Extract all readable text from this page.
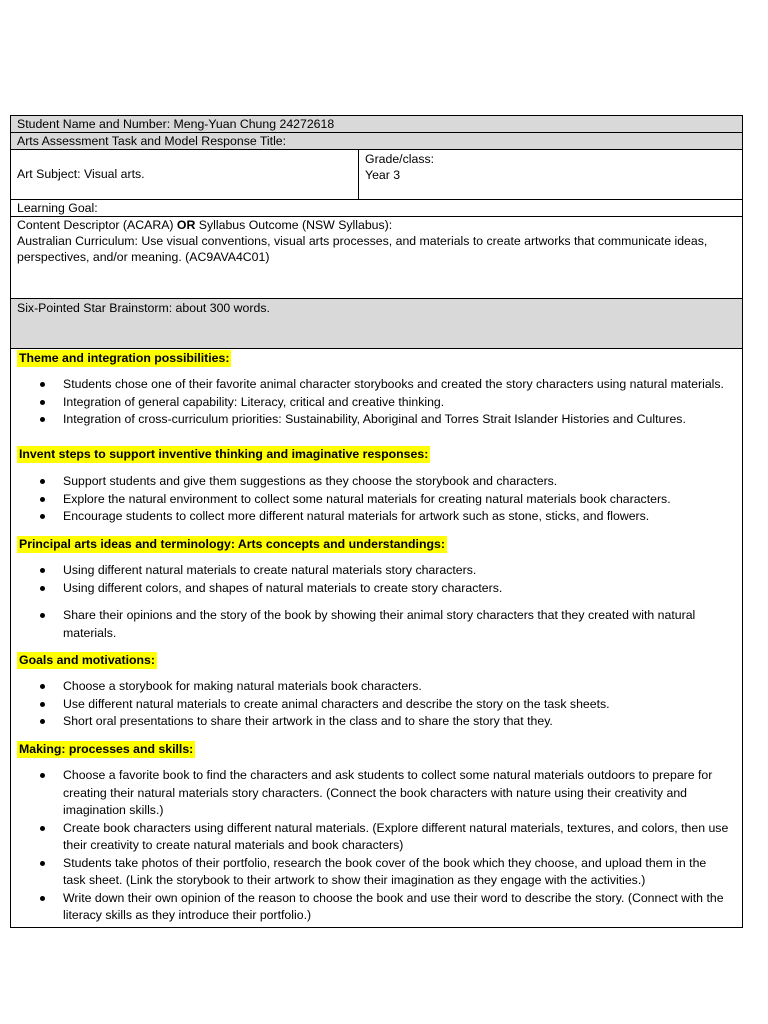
Student Name and Number: Meng-Yuan Chung 24272618
Arts Assessment Task and Model Response Title:
Art Subject: Visual arts.
Grade/class:
Year 3
Learning Goal:
Content Descriptor (ACARA) OR Syllabus Outcome (NSW Syllabus):
Australian Curriculum: Use visual conventions, visual arts processes, and materials to create artworks that communicate ideas, perspectives, and/or meaning. (AC9AVA4C01)
Six-Pointed Star Brainstorm: about 300 words.
Theme and integration possibilities:
Students chose one of their favorite animal character storybooks and created the story characters using natural materials.
Integration of general capability: Literacy, critical and creative thinking.
Integration of cross-curriculum priorities: Sustainability, Aboriginal and Torres Strait Islander Histories and Cultures.
Invent steps to support inventive thinking and imaginative responses:
Support students and give them suggestions as they choose the storybook and characters.
Explore the natural environment to collect some natural materials for creating natural materials book characters.
Encourage students to collect more different natural materials for artwork such as stone, sticks, and flowers.
Principal arts ideas and terminology: Arts concepts and understandings:
Using different natural materials to create natural materials story characters.
Using different colors, and shapes of natural materials to create story characters.
Share their opinions and the story of the book by showing their animal story characters that they created with natural materials.
Goals and motivations:
Choose a storybook for making natural materials book characters.
Use different natural materials to create animal characters and describe the story on the task sheets.
Short oral presentations to share their artwork in the class and to share the story that they.
Making: processes and skills:
Choose a favorite book to find the characters and ask students to collect some natural materials outdoors to prepare for creating their natural materials story characters. (Connect the book characters with nature using their creativity and imagination skills.)
Create book characters using different natural materials. (Explore different natural materials, textures, and colors, then use their creativity to create natural materials and book characters)
Students take photos of their portfolio, research the book cover of the book which they choose, and upload them in the task sheet. (Link the storybook to their artwork to show their imagination as they engage with the activities.)
Write down their own opinion of the reason to choose the book and use their word to describe the story. (Connect with the literacy skills as they introduce their portfolio.)
